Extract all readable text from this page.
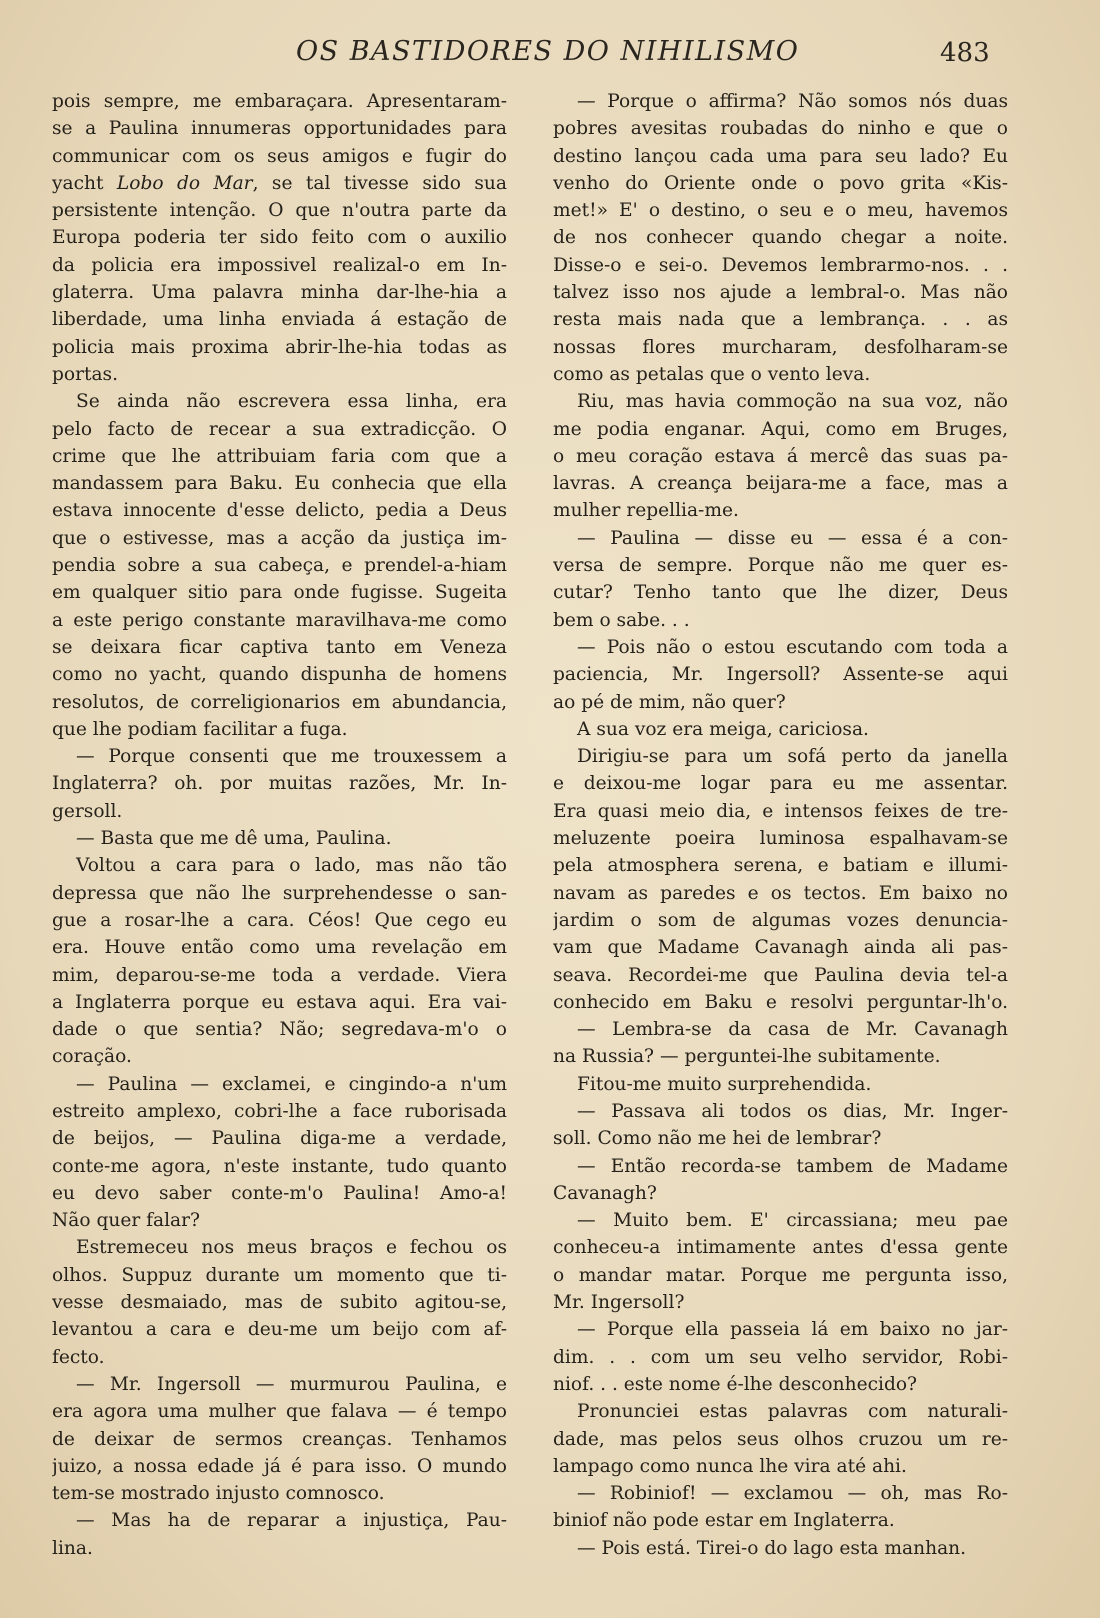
OS BASTIDORES DO NIHILISMO	483
pois sempre, me embaraçara. Apresentaram-
se a Paulina innumeras opportunidades para
communicar com os seus amigos e fugir do
yacht Lobo do Mar, se tal tivesse sido sua
persistente intenção. O que n'outra parte da
Europa poderia ter sido feito com o auxilio
da policia era impossivel realizal-o em In-
glaterra. Uma palavra minha dar-lhe-hia a
liberdade, uma linha enviada á estação de
policia mais proxima abrir-lhe-hia todas as
portas.
Se ainda não escrevera essa linha, era
pelo facto de recear a sua extradicção. O
crime que lhe attribuiam faria com que a
mandassem para Baku. Eu conhecia que ella
estava innocente d'esse delicto, pedia a Deus
que o estivesse, mas a acção da justiça im-
pendia sobre a sua cabeça, e prendel-a-hiam
em qualquer sitio para onde fugisse. Sugeita
a este perigo constante maravilhava-me como
se deixara ficar captiva tanto em Veneza
como no yacht, quando dispunha de homens
resolutos, de correligionarios em abundancia,
que lhe podiam facilitar a fuga.
— Porque consenti que me trouxessem a
Inglaterra? oh. por muitas razões, Mr. In-
gersoll.
— Basta que me dê uma, Paulina.
Voltou a cara para o lado, mas não tão
depressa que não lhe surprehendesse o san-
gue a rosar-lhe a cara. Céos! Que cego eu
era. Houve então como uma revelação em
mim, deparou-se-me toda a verdade. Viera
a Inglaterra porque eu estava aqui. Era vai-
dade o que sentia? Não; segredava-m'o o
coração.
— Paulina — exclamei, e cingindo-a n'um
estreito amplexo, cobri-lhe a face ruborisada
de beijos, — Paulina diga-me a verdade,
conte-me agora, n'este instante, tudo quanto
eu devo saber conte-m'o Paulina! Amo-a!
Não quer falar?
Estremeceu nos meus braços e fechou os
olhos. Suppuz durante um momento que ti-
vesse desmaiado, mas de subito agitou-se,
levantou a cara e deu-me um beijo com af-
fecto.
— Mr. Ingersoll — murmurou Paulina, e
era agora uma mulher que falava — é tempo
de deixar de sermos creanças. Tenhamos
juizo, a nossa edade já é para isso. O mundo
tem-se mostrado injusto comnosco.
— Mas ha de reparar a injustiça, Pau-
lina.
— Porque o affirma? Não somos nós duas
pobres avesitas roubadas do ninho e que o
destino lançou cada uma para seu lado? Eu
venho do Oriente onde o povo grita «Kis-
met!» E' o destino, o seu e o meu, havemos
de nos conhecer quando chegar a noite.
Disse-o e sei-o. Devemos lembrarmo-nos. . .
talvez isso nos ajude a lembral-o. Mas não
resta mais nada que a lembrança. . . as
nossas flores murcharam, desfolharam-se
como as petalas que o vento leva.
Riu, mas havia commoção na sua voz, não
me podia enganar. Aqui, como em Bruges,
o meu coração estava á mercê das suas pa-
lavras. A creança beijara-me a face, mas a
mulher repellia-me.
— Paulina — disse eu — essa é a con-
versa de sempre. Porque não me quer es-
cutar? Tenho tanto que lhe dizer, Deus
bem o sabe. . .
— Pois não o estou escutando com toda a
paciencia, Mr. Ingersoll? Assente-se aqui
ao pé de mim, não quer?
A sua voz era meiga, cariciosa.
Dirigiu-se para um sofá perto da janella
e deixou-me logar para eu me assentar.
Era quasi meio dia, e intensos feixes de tre-
meluzente poeira luminosa espalhavam-se
pela atmosphera serena, e batiam e illumi-
navam as paredes e os tectos. Em baixo no
jardim o som de algumas vozes denuncia-
vam que Madame Cavanagh ainda ali pas-
seava. Recordei-me que Paulina devia tel-a
conhecido em Baku e resolvi perguntar-lh'o.
— Lembra-se da casa de Mr. Cavanagh
na Russia? — perguntei-lhe subitamente.
Fitou-me muito surprehendida.
— Passava ali todos os dias, Mr. Inger-
soll. Como não me hei de lembrar?
— Então recorda-se tambem de Madame
Cavanagh?
— Muito bem. E' circassiana; meu pae
conheceu-a intimamente antes d'essa gente
o mandar matar. Porque me pergunta isso,
Mr. Ingersoll?
— Porque ella passeia lá em baixo no jar-
dim. . . com um seu velho servidor, Robi-
niof. . . este nome é-lhe desconhecido?
Pronunciei estas palavras com naturali-
dade, mas pelos seus olhos cruzou um re-
lampago como nunca lhe vira até ahi.
— Robiniof! — exclamou — oh, mas Ro-
biniof não pode estar em Inglaterra.
— Pois está. Tirei-o do lago esta manhan.
